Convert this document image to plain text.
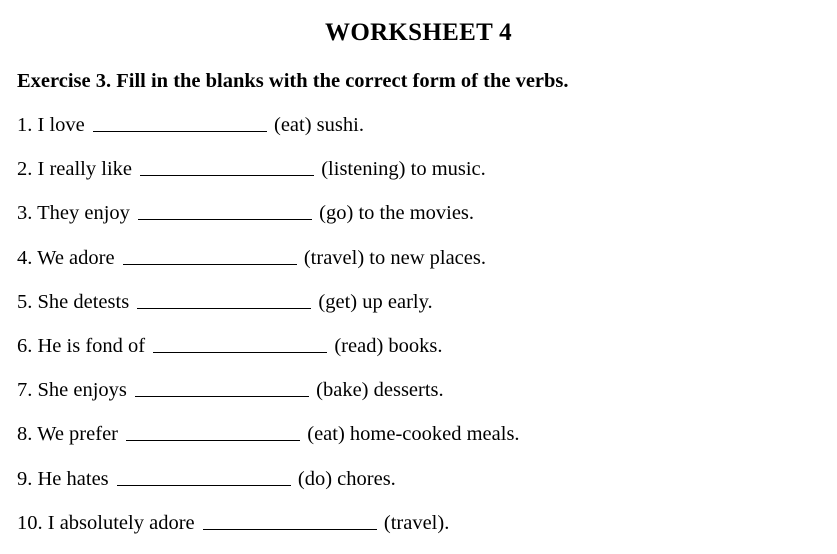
WORKSHEET 4
Exercise 3. Fill in the blanks with the correct form of the verbs.
1. I love	(eat) sushi.
2. I really like	(listening) to music.
3. They enjoy	(go) to the movies.
4. We adore	(travel) to new places.
5. She detests	(get) up early.
6. He is fond of	(read) books.
7. She enjoys	(bake) desserts.
8. We prefer	(eat) home-cooked meals.
9. He hates	(do) chores.
10. I absolutely adore	(travel).
